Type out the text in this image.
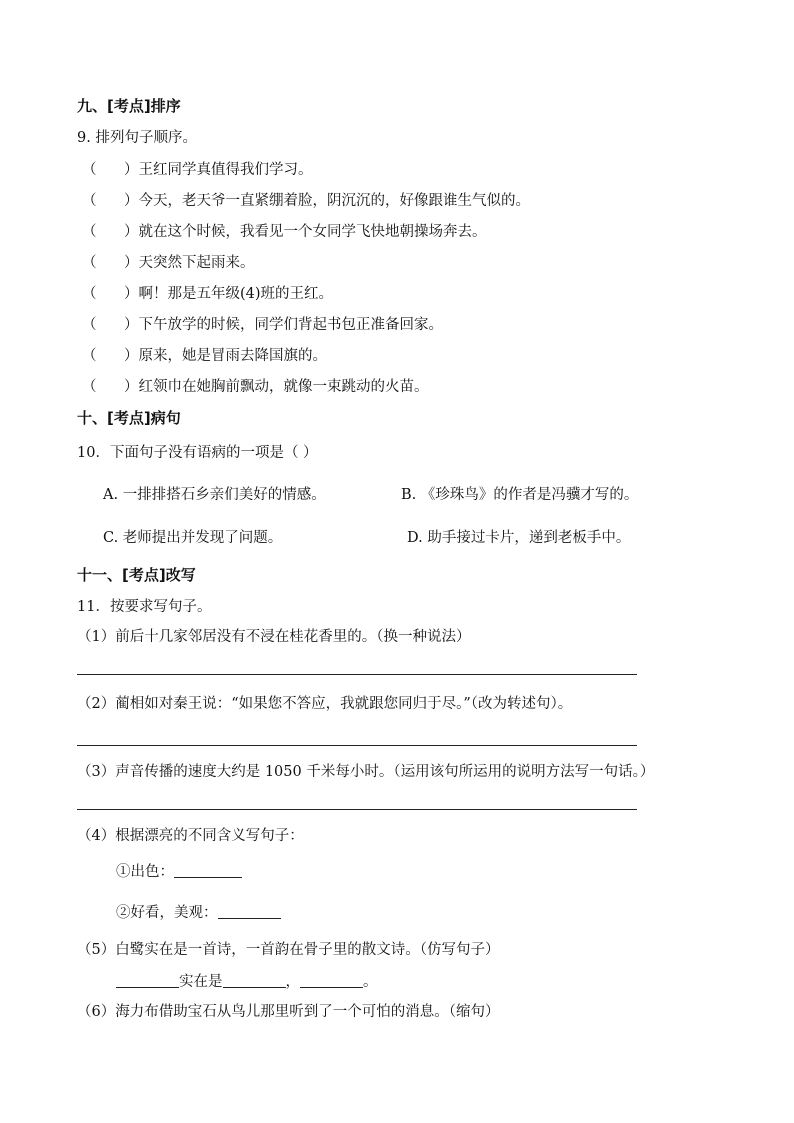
九、[考点]排序
9. 排列句子顺序。
（ ）王红同学真值得我们学习。
（ ）今天，老天爷一直紧绷着脸，阴沉沉的，好像跟谁生气似的。
（ ）就在这个时候，我看见一个女同学飞快地朝操场奔去。
（ ）天突然下起雨来。
（ ）啊！那是五年级(4)班的王红。
（ ）下午放学的时候，同学们背起书包正准备回家。
（ ）原来，她是冒雨去降国旗的。
（ ）红领巾在她胸前飘动，就像一束跳动的火苗。
十、[考点]病句
10．下面句子没有语病的一项是（ ）
A. 一排排搭石乡亲们美好的情感。	B. 《珍珠鸟》的作者是冯骥才写的。
C. 老师提出并发现了问题。	D. 助手接过卡片，递到老板手中。
十一、[考点]改写
11．按要求写句子。
（1）前后十几家邻居没有不浸在桂花香里的。（换一种说法）
（2）蔺相如对秦王说：“如果您不答应，我就跟您同归于尽。”（改为转述句）。
（3）声音传播的速度大约是 1050 千米每小时。（运用该句所运用的说明方法写一句话。）
（4）根据漂亮的不同含义写句子：
①出色：
②好看，美观：
（5）白鹭实在是一首诗，一首韵在骨子里的散文诗。（仿写句子）
实在是	，	。
（6）海力布借助宝石从鸟儿那里听到了一个可怕的消息。（缩句）
